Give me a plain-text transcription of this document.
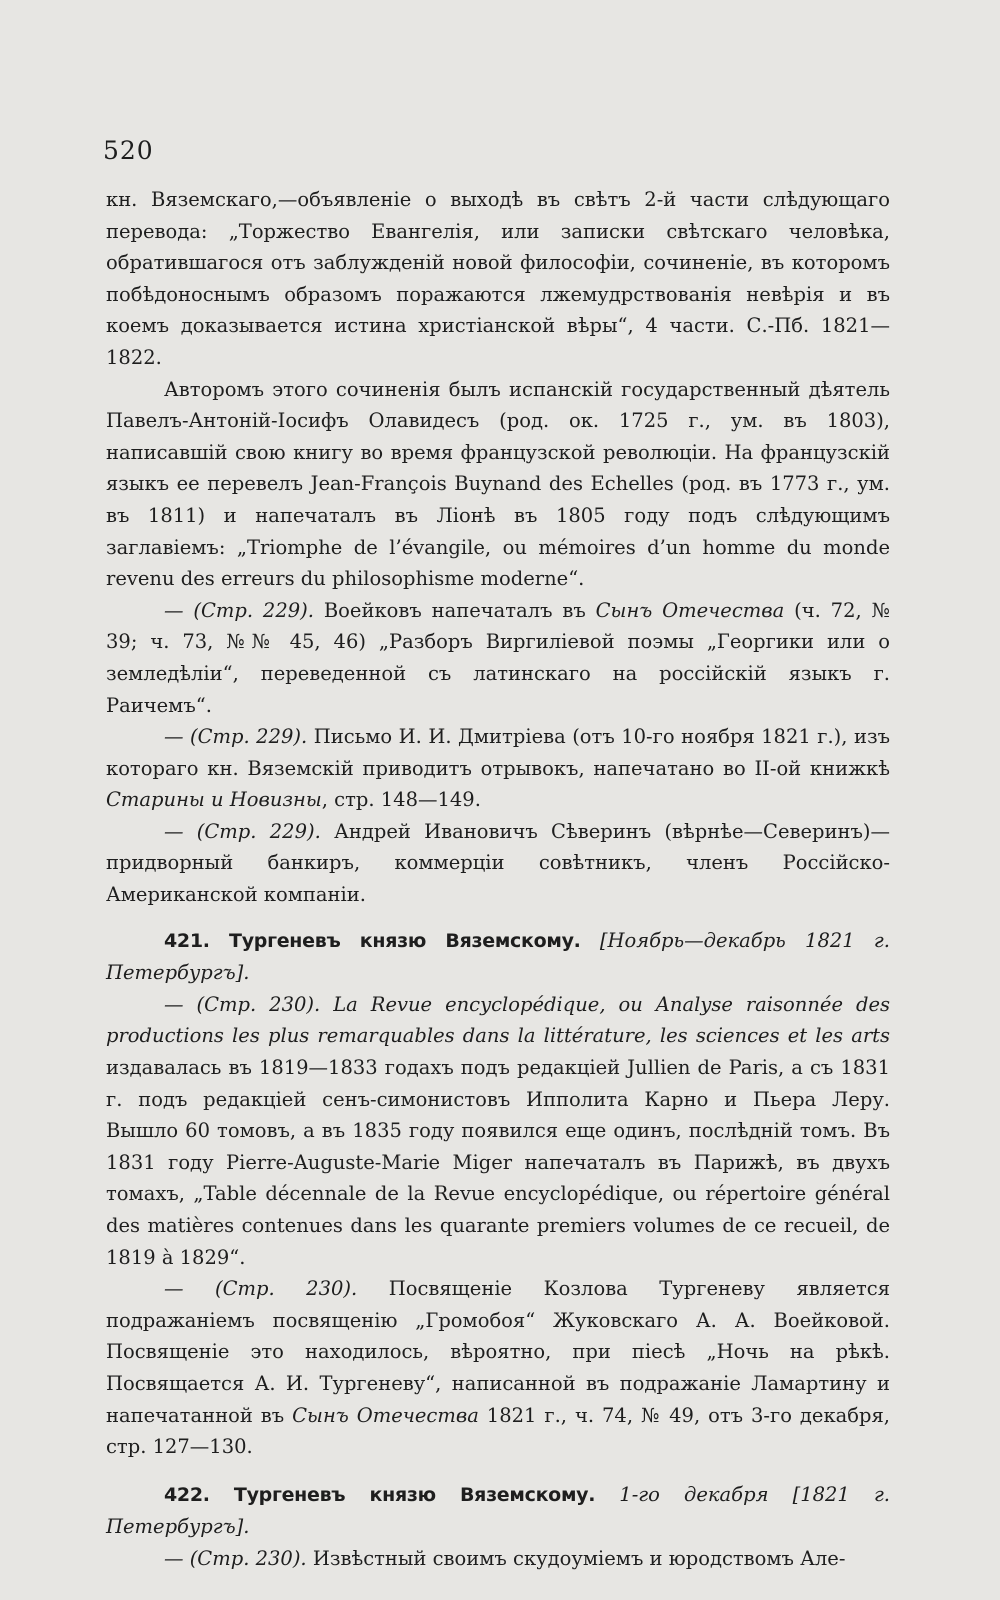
520

кн. Вяземскаго,—объявленіе о выходѣ въ свѣтъ 2-й части слѣдующаго перевода: „Торжество Евангелія, или записки свѣтскаго человѣка, обратившагося отъ заблужденій новой философіи, сочиненіе, въ которомъ побѣдоноснымъ образомъ поражаются лжемудрствованія невѣрія и въ коемъ доказывается истина христіанской вѣры“, 4 части. С.-Пб. 1821—1822.

Авторомъ этого сочиненія былъ испанскій государственный дѣятель Павелъ-Антоній-Іосифъ Олавидесъ (род. ок. 1725 г., ум. въ 1803), написавшій свою книгу во время французской революціи. На французскій языкъ ее перевелъ Jean-François Buynand des Echelles (род. въ 1773 г., ум. въ 1811) и напечаталъ въ Ліонѣ въ 1805 году подъ слѣдующимъ заглавіемъ: „Triomphe de l’évangile, ou mémoires d’un homme du monde revenu des erreurs du philosophisme moderne“.

— (Стр. 229). Воейковъ напечаталъ въ Сынъ Отечества (ч. 72, № 39; ч. 73, №№ 45, 46) „Разборъ Виргиліевой поэмы „Георгики или о земледѣліи“, переведенной съ латинскаго на россійскій языкъ г. Раичемъ“.

— (Стр. 229). Письмо И. И. Дмитріева (отъ 10-го ноября 1821 г.), изъ котораго кн. Вяземскій приводитъ отрывокъ, напечатано во II-ой книжкѣ Старины и Новизны, стр. 148—149.

— (Стр. 229). Андрей Ивановичъ Сѣверинъ (вѣрнѣе—Северинъ)—придворный банкиръ, коммерціи совѣтникъ, членъ Россійско-Американской компаніи.

421. Тургеневъ князю Вяземскому. [Ноябрь—декабрь 1821 г. Петербургъ].

— (Стр. 230). La Revue encyclopédique, ou Analyse raisonnée des productions les plus remarquables dans la littérature, les sciences et les arts издавалась въ 1819—1833 годахъ подъ редакціей Jullien de Paris, а съ 1831 г. подъ редакціей сенъ-симонистовъ Ипполита Карно и Пьера Леру. Вышло 60 томовъ, а въ 1835 году появился еще одинъ, послѣдній томъ. Въ 1831 году Pierre-Auguste-Marie Miger напечаталъ въ Парижѣ, въ двухъ томахъ, „Table décennale de la Revue encyclopédique, ou répertoire général des matières contenues dans les quarante premiers volumes de ce recueil, de 1819 à 1829“.

— (Стр. 230). Посвященіе Козлова Тургеневу является подражаніемъ посвященію „Громобоя“ Жуковскаго А. А. Воейковой. Посвященіе это находилось, вѣроятно, при піесѣ „Ночь на рѣкѣ. Посвящается А. И. Тургеневу“, написанной въ подражаніе Ламартину и напечатанной въ Сынъ Отечества 1821 г., ч. 74, № 49, отъ 3-го декабря, стр. 127—130.

422. Тургеневъ князю Вяземскому. 1-го декабря [1821 г. Петербургъ].

— (Стр. 230). Извѣстный своимъ скудоуміемъ и юродствомъ Але-
